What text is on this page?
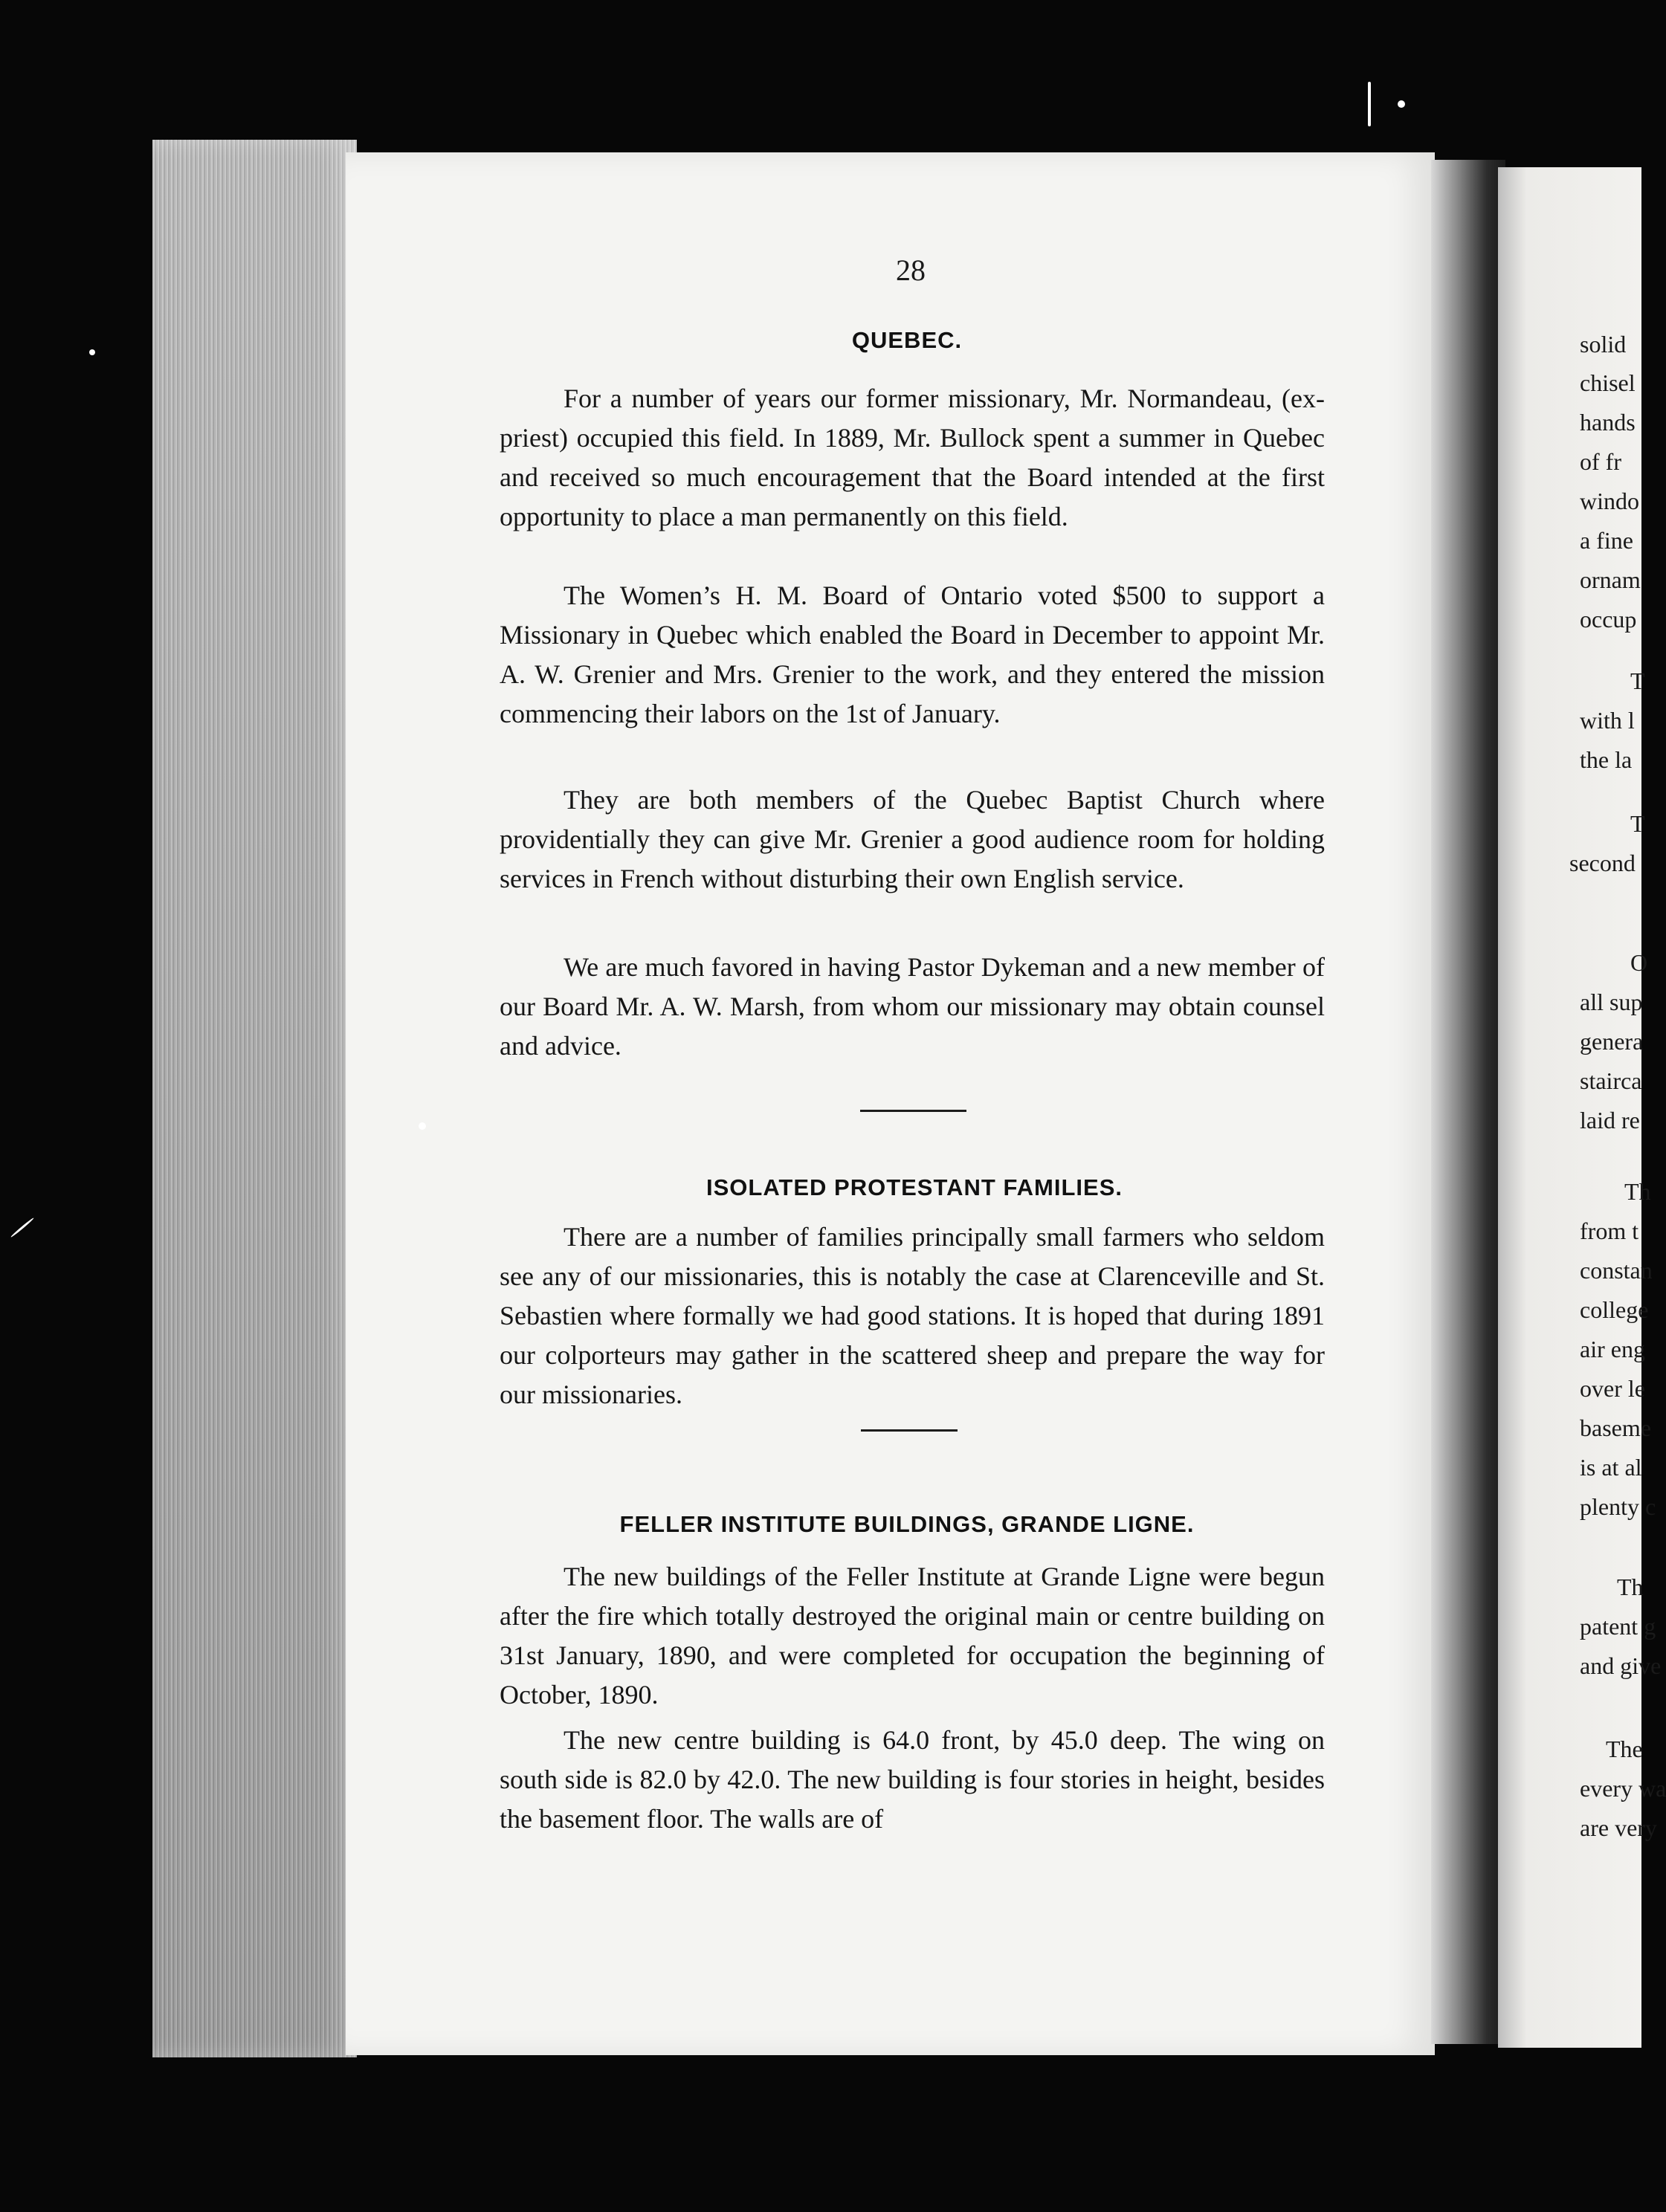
solid
chisel
hands
of fr
windo
a fine
ornam
occup
T
with l
the la
T
second
O
all sup
genera
stairca
laid re
Th
from t
constan
college
air eng
over le
baseme
is at al
plenty c
Th
patent g
and give
The
every wa
are very
28
QUEBEC.
For a number of years our former missionary, Mr. Normandeau, (ex-priest) occupied this field. In 1889, Mr. Bullock spent a summer in Quebec and received so much encouragement that the Board intended at the first opportunity to place a man permanently on this field.
The Women’s H. M. Board of Ontario voted $500 to support a Missionary in Quebec which enabled the Board in December to appoint Mr. A. W. Grenier and Mrs. Grenier to the work, and they entered the mission commencing their labors on the 1st of January.
They are both members of the Quebec Baptist Church where providentially they can give Mr. Grenier a good audience room for holding services in French without disturbing their own English service.
We are much favored in having Pastor Dykeman and a new member of our Board Mr. A. W. Marsh, from whom our missionary may obtain counsel and advice.
ISOLATED PROTESTANT FAMILIES.
There are a number of families principally small farmers who seldom see any of our missionaries, this is notably the case at Clarenceville and St. Sebastien where formally we had good stations. It is hoped that during 1891 our colporteurs may gather in the scattered sheep and prepare the way for our missionaries.
FELLER INSTITUTE BUILDINGS, GRANDE LIGNE.
The new buildings of the Feller Institute at Grande Ligne were begun after the fire which totally destroyed the original main or centre building on 31st January, 1890, and were completed for occupation the beginning of October, 1890.
The new centre building is 64.0 front, by 45.0 deep. The wing on south side is 82.0 by 42.0. The new building is four stories in height, besides the basement floor. The walls are of
